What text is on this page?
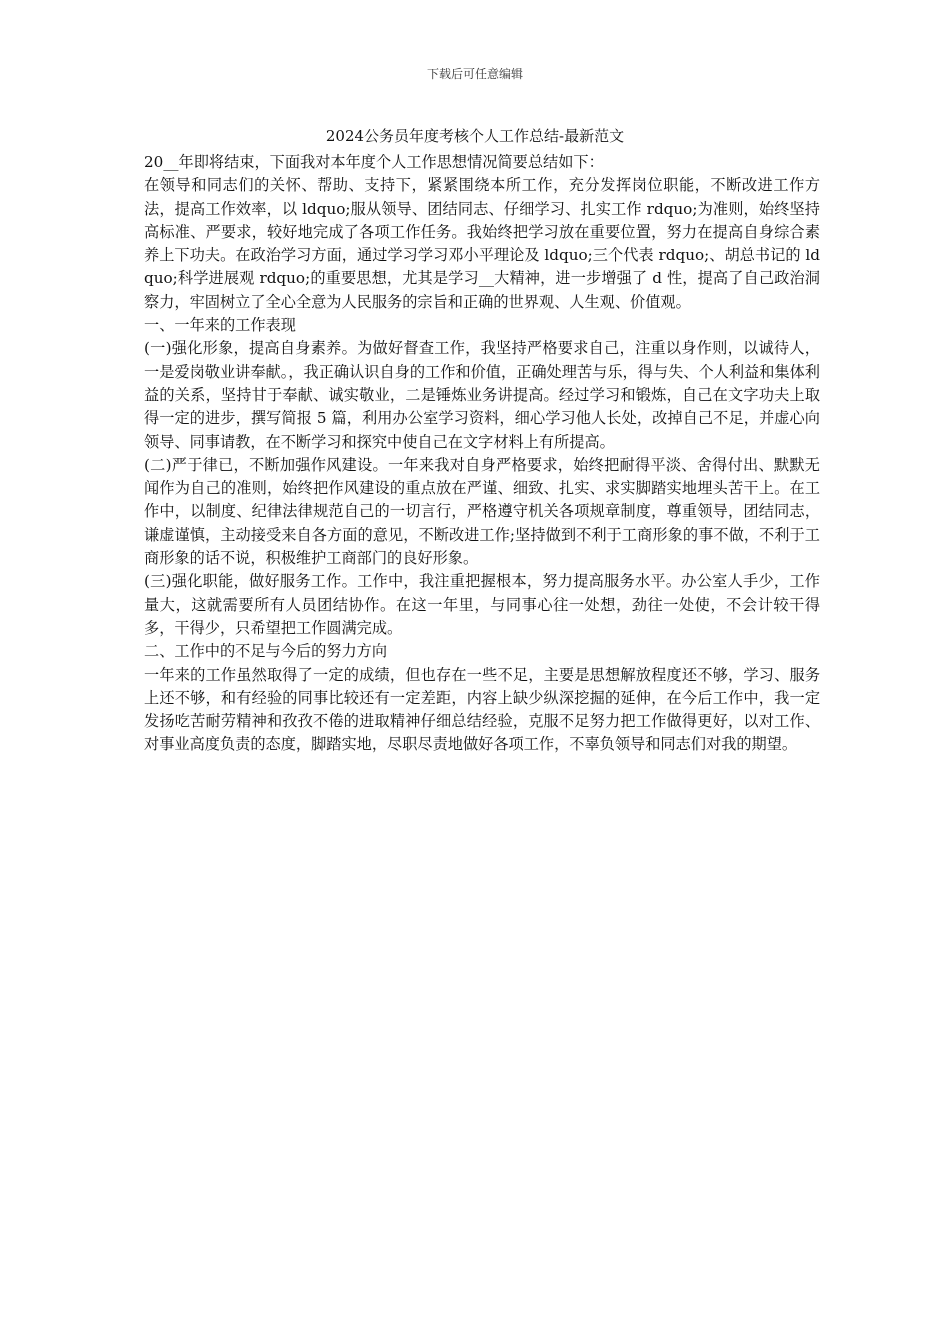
下载后可任意编辑
2024公务员年度考核个人工作总结-最新范文

20__年即将结束，下面我对本年度个人工作思想情况简要总结如下：

在领导和同志们的关怀、帮助、支持下，紧紧围绕本所工作，充分发挥岗位职能，不断改进工作方法，提高工作效率，以 ldquo;服从领导、团结同志、仔细学习、扎实工作 rdquo;为准则，始终坚持高标准、严要求，较好地完成了各项工作任务。我始终把学习放在重要位置，努力在提高自身综合素养上下功夫。在政治学习方面，通过学习学习邓小平理论及 ldquo;三个代表 rdquo;、胡总书记的 ldquo;科学进展观 rdquo;的重要思想，尤其是学习__大精神，进一步增强了 d 性，提高了自己政治洞察力，牢固树立了全心全意为人民服务的宗旨和正确的世界观、人生观、价值观。

一、一年来的工作表现

(一)强化形象，提高自身素养。为做好督查工作，我坚持严格要求自己，注重以身作则，以诚待人，一是爱岗敬业讲奉献。，我正确认识自身的工作和价值，正确处理苦与乐，得与失、个人利益和集体利益的关系，坚持甘于奉献、诚实敬业，二是锤炼业务讲提高。经过学习和锻炼，自己在文字功夫上取得一定的进步，撰写简报 5 篇，利用办公室学习资料，细心学习他人长处，改掉自己不足，并虚心向领导、同事请教，在不断学习和探究中使自己在文字材料上有所提高。

(二)严于律已，不断加强作风建设。一年来我对自身严格要求，始终把耐得平淡、舍得付出、默默无闻作为自己的准则，始终把作风建设的重点放在严谨、细致、扎实、求实脚踏实地埋头苦干上。在工作中，以制度、纪律法律规范自己的一切言行，严格遵守机关各项规章制度，尊重领导，团结同志，谦虚谨慎，主动接受来自各方面的意见，不断改进工作;坚持做到不利于工商形象的事不做，不利于工商形象的话不说，积极维护工商部门的良好形象。

(三)强化职能，做好服务工作。工作中，我注重把握根本，努力提高服务水平。办公室人手少，工作量大，这就需要所有人员团结协作。在这一年里，与同事心往一处想，劲往一处使，不会计较干得多，干得少，只希望把工作圆满完成。

二、工作中的不足与今后的努力方向

一年来的工作虽然取得了一定的成绩，但也存在一些不足，主要是思想解放程度还不够，学习、服务上还不够，和有经验的同事比较还有一定差距，内容上缺少纵深挖掘的延伸，在今后工作中，我一定发扬吃苦耐劳精神和孜孜不倦的进取精神仔细总结经验，克服不足努力把工作做得更好，以对工作、对事业高度负责的态度，脚踏实地，尽职尽责地做好各项工作，不辜负领导和同志们对我的期望。
